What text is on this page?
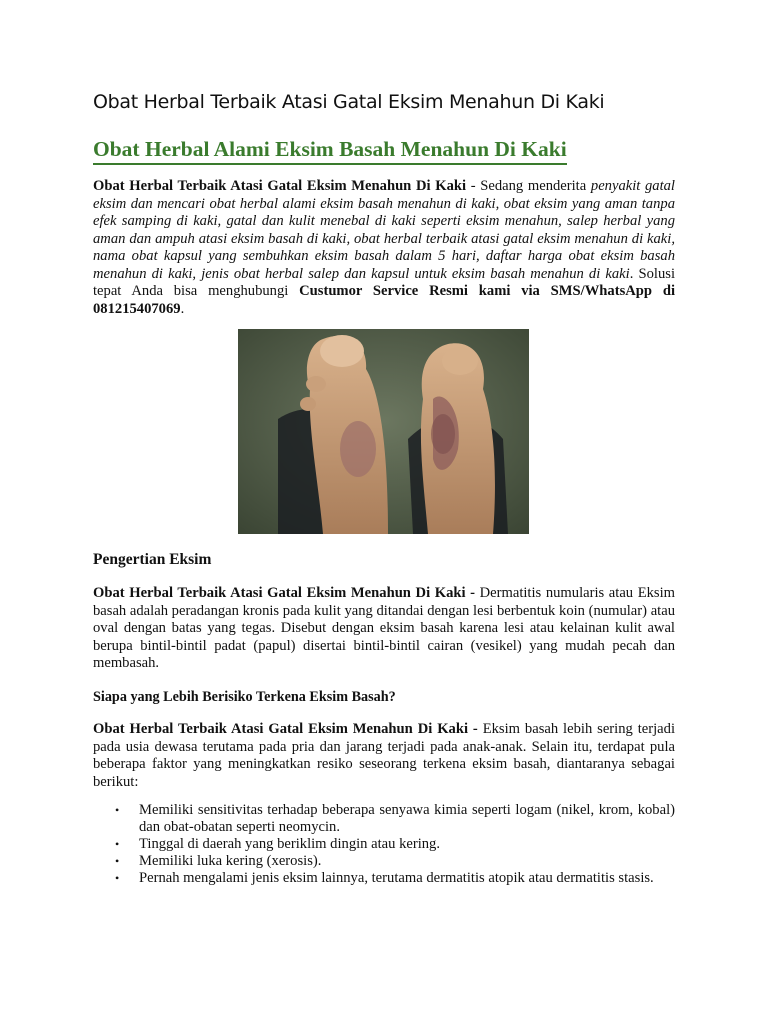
Obat Herbal Terbaik Atasi Gatal Eksim Menahun Di Kaki
Obat Herbal Alami Eksim Basah Menahun Di Kaki

Obat Herbal Terbaik Atasi Gatal Eksim Menahun Di Kaki - Sedang menderita penyakit gatal eksim dan mencari obat herbal alami eksim basah menahun di kaki, obat eksim yang aman tanpa efek samping di kaki, gatal dan kulit menebal di kaki seperti eksim menahun, salep herbal yang aman dan ampuh atasi eksim basah di kaki, obat herbal terbaik atasi gatal eksim menahun di kaki, nama obat kapsul yang sembuhkan eksim basah dalam 5 hari, daftar harga obat eksim basah menahun di kaki, jenis obat herbal salep dan kapsul untuk eksim basah menahun di kaki. Solusi tepat Anda bisa menghubungi Custumor Service Resmi kami via SMS/WhatsApp di 081215407069.

Pengertian Eksim

Obat Herbal Terbaik Atasi Gatal Eksim Menahun Di Kaki - Dermatitis numularis atau Eksim basah adalah peradangan kronis pada kulit yang ditandai dengan lesi berbentuk koin (numular) atau oval dengan batas yang tegas. Disebut dengan eksim basah karena lesi atau kelainan kulit awal berupa bintil-bintil padat (papul) disertai bintil-bintil cairan (vesikel) yang mudah pecah dan membasah.

Siapa yang Lebih Berisiko Terkena Eksim Basah?

Obat Herbal Terbaik Atasi Gatal Eksim Menahun Di Kaki - Eksim basah lebih sering terjadi pada usia dewasa terutama pada pria dan jarang terjadi pada anak-anak. Selain itu, terdapat pula beberapa faktor yang meningkatkan resiko seseorang terkena eksim basah, diantaranya sebagai berikut:

• Memiliki sensitivitas terhadap beberapa senyawa kimia seperti logam (nikel, krom, kobal) dan obat-obatan seperti neomycin.
• Tinggal di daerah yang beriklim dingin atau kering.
• Memiliki luka kering (xerosis).
• Pernah mengalami jenis eksim lainnya, terutama dermatitis atopik atau dermatitis stasis.
